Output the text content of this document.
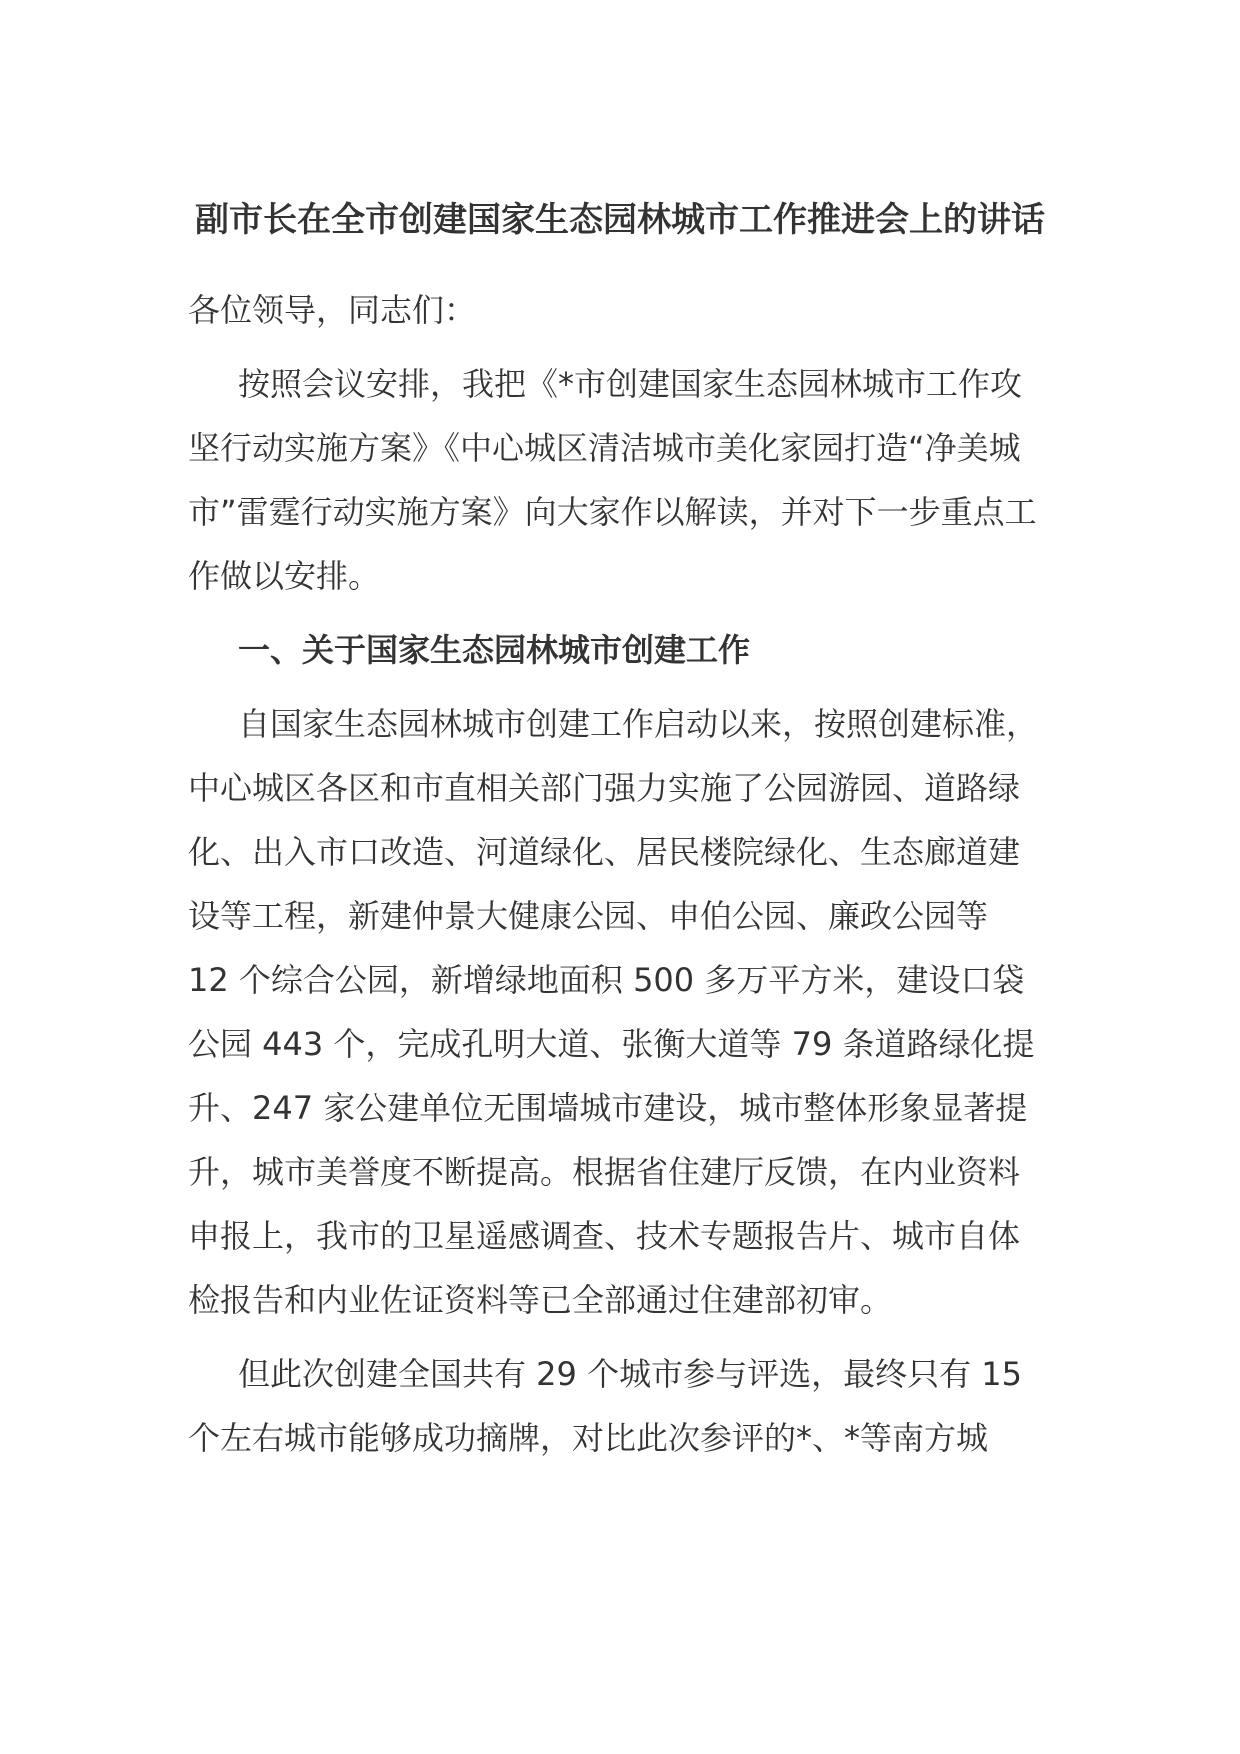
副市长在全市创建国家生态园林城市工作推进会上的讲话

各位领导，同志们：

按照会议安排，我把《*市创建国家生态园林城市工作攻坚行动实施方案》《中心城区清洁城市美化家园打造“净美城市”雷霆行动实施方案》向大家作以解读，并对下一步重点工作做以安排。

一、关于国家生态园林城市创建工作

自国家生态园林城市创建工作启动以来，按照创建标准，中心城区各区和市直相关部门强力实施了公园游园、道路绿化、出入市口改造、河道绿化、居民楼院绿化、生态廊道建设等工程，新建仲景大健康公园、申伯公园、廉政公园等 12 个综合公园，新增绿地面积 500 多万平方米，建设口袋公园 443 个，完成孔明大道、张衡大道等 79 条道路绿化提升、247 家公建单位无围墙城市建设，城市整体形象显著提升，城市美誉度不断提高。根据省住建厅反馈，在内业资料申报上，我市的卫星遥感调查、技术专题报告片、城市自体检报告和内业佐证资料等已全部通过住建部初审。

但此次创建全国共有 29 个城市参与评选，最终只有 15 个左右城市能够成功摘牌，对比此次参评的*、*等南方城
